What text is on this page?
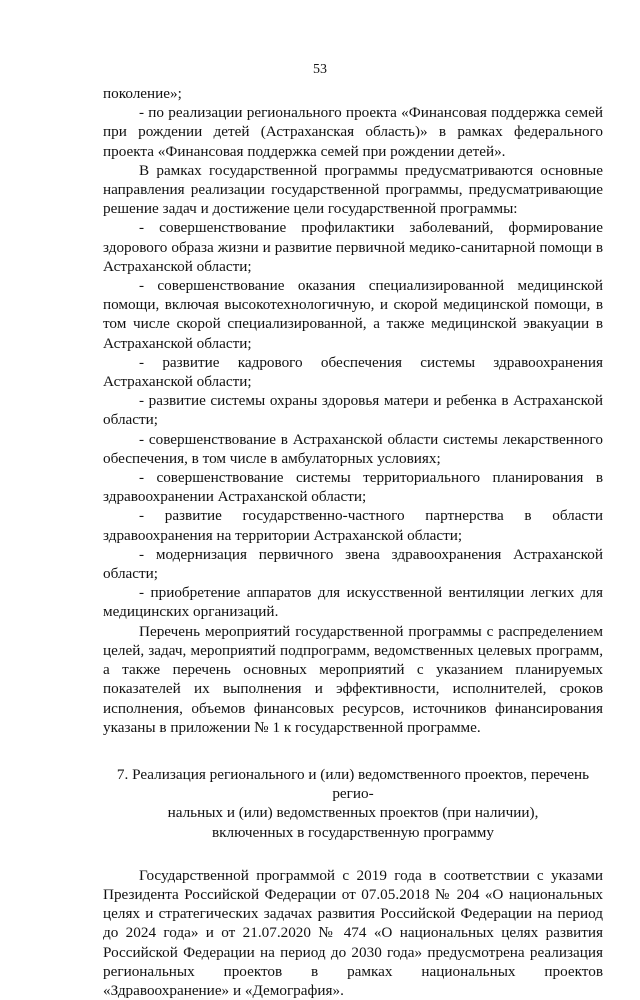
53

поколение»;

- по реализации регионального проекта «Финансовая поддержка семей при рождении детей (Астраханская область)» в рамках федерального проекта «Финансовая поддержка семей при рождении детей».

В рамках государственной программы предусматриваются основные направления реализации государственной программы, предусматривающие решение задач и достижение цели государственной программы:

- совершенствование профилактики заболеваний, формирование здорового образа жизни и развитие первичной медико-санитарной помощи в Астраханской области;

- совершенствование оказания специализированной медицинской помощи, включая высокотехнологичную, и скорой медицинской помощи, в том числе скорой специализированной, а также медицинской эвакуации в Астраханской области;

- развитие кадрового обеспечения системы здравоохранения Астраханской области;

- развитие системы охраны здоровья матери и ребенка в Астраханской области;

- совершенствование в Астраханской области системы лекарственного обеспечения, в том числе в амбулаторных условиях;

- совершенствование системы территориального планирования в здравоохранении Астраханской области;

- развитие государственно-частного партнерства в области здравоохранения на территории Астраханской области;

- модернизация первичного звена здравоохранения Астраханской области;

- приобретение аппаратов для искусственной вентиляции легких для медицинских организаций.

Перечень мероприятий государственной программы с распределением целей, задач, мероприятий подпрограмм, ведомственных целевых программ, а также перечень основных мероприятий с указанием планируемых показателей их выполнения и эффективности, исполнителей, сроков исполнения, объемов финансовых ресурсов, источников финансирования указаны в приложении № 1 к государственной программе.

7. Реализация регионального и (или) ведомственного проектов, перечень регио-
нальных и (или) ведомственных проектов (при наличии),
включенных в государственную программу

Государственной программой с 2019 года в соответствии с указами Президента Российской Федерации от 07.05.2018 № 204 «О национальных целях и стратегических задачах развития Российской Федерации на период до 2024 года» и от 21.07.2020 № 474 «О национальных целях развития Российской Федерации на период до 2030 года» предусмотрена реализация региональных проектов в рамках национальных проектов «Здравоохранение» и «Демография».
